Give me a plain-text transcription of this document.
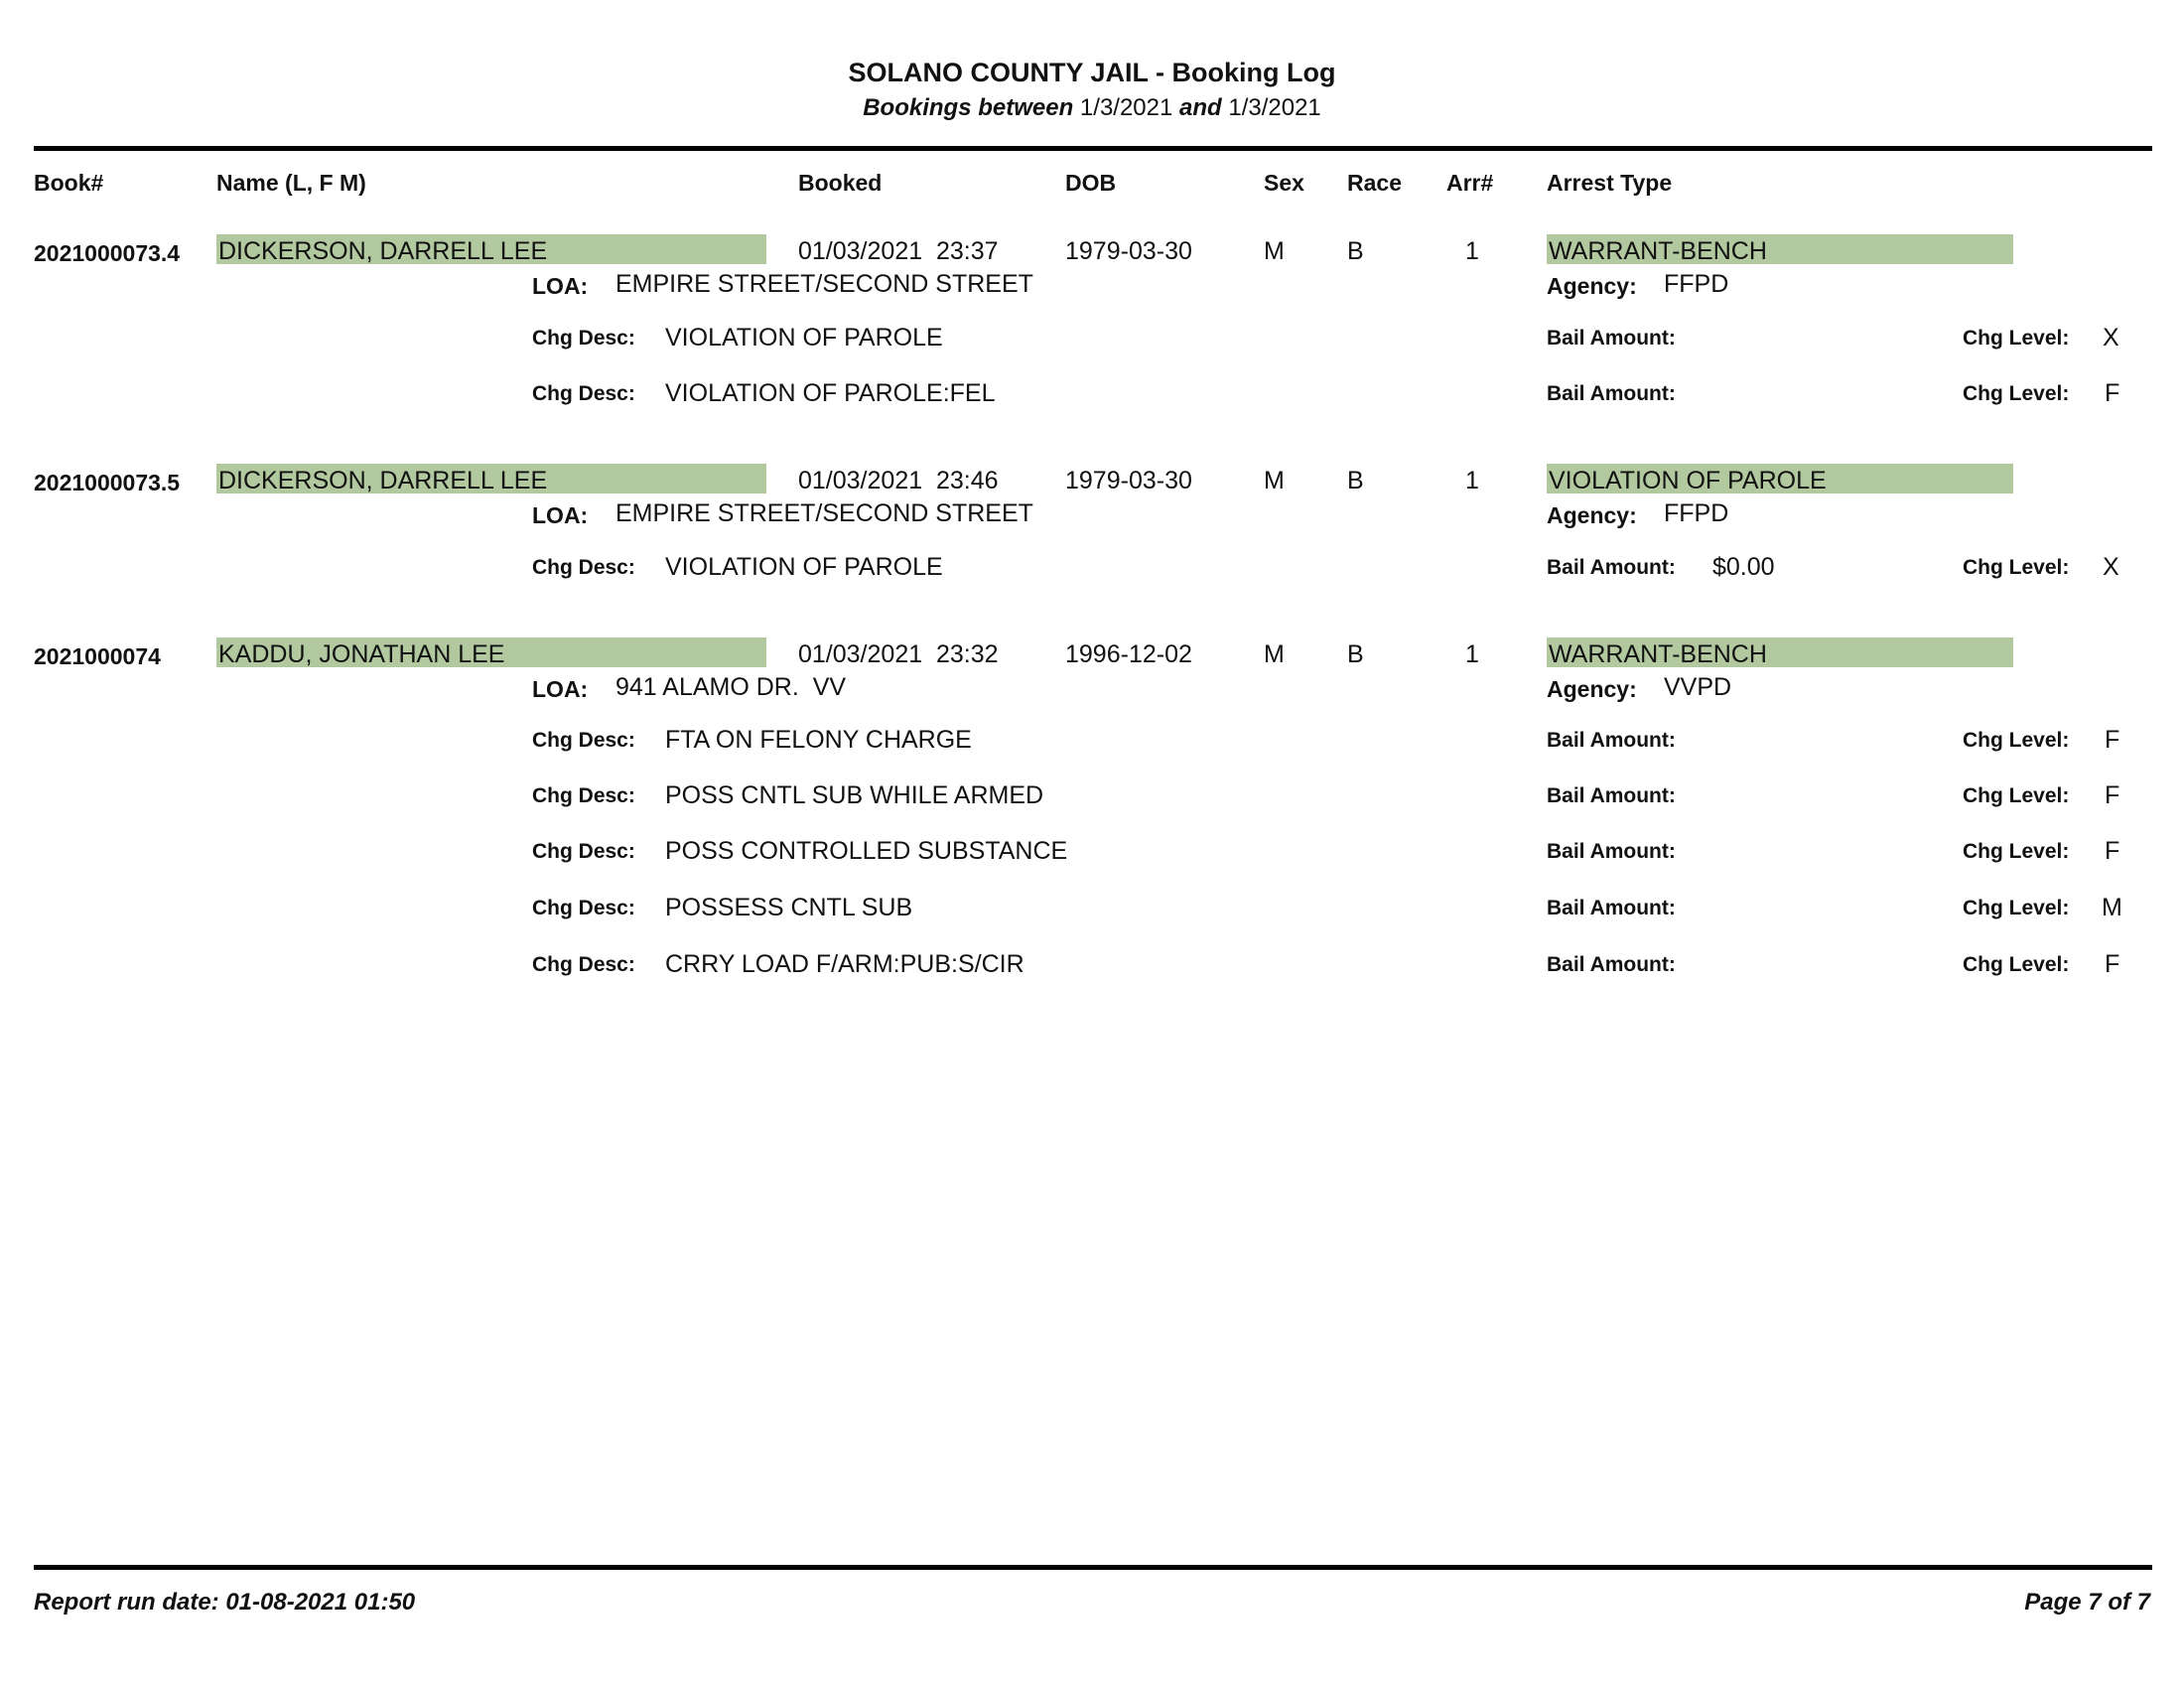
SOLANO COUNTY JAIL - Booking Log
Bookings between 1/3/2021 and 1/3/2021
Book#	Name (L, F M)	Booked	DOB	Sex Race Arr# Arrest Type
2021000073.4 DICKERSON, DARRELL LEE	01/03/2021 23:37	1979-03-30	M	B	1	WARRANT-BENCH
LOA: EMPIRE STREET/SECOND STREET	Agency: FFPD
Chg Desc: VIOLATION OF PAROLE	Bail Amount:	Chg Level: X
Chg Desc: VIOLATION OF PAROLE:FEL	Bail Amount:	Chg Level: F
2021000073.5 DICKERSON, DARRELL LEE	01/03/2021 23:46	1979-03-30	M	B	1	VIOLATION OF PAROLE
LOA: EMPIRE STREET/SECOND STREET	Agency: FFPD
Chg Desc: VIOLATION OF PAROLE	Bail Amount: $0.00	Chg Level: X
2021000074 KADDU, JONATHAN LEE	01/03/2021 23:32	1996-12-02	M	B	1	WARRANT-BENCH
LOA: 941 ALAMO DR.  VV	Agency: VVPD
Chg Desc: FTA ON FELONY CHARGE	Bail Amount:	Chg Level: F
Chg Desc: POSS CNTL SUB WHILE ARMED	Bail Amount:	Chg Level: F
Chg Desc: POSS CONTROLLED SUBSTANCE	Bail Amount:	Chg Level: F
Chg Desc: POSSESS CNTL SUB	Bail Amount:	Chg Level: M
Chg Desc: CRRY LOAD F/ARM:PUB:S/CIR	Bail Amount:	Chg Level: F
Report run date: 01-08-2021 01:50	Page 7 of 7
